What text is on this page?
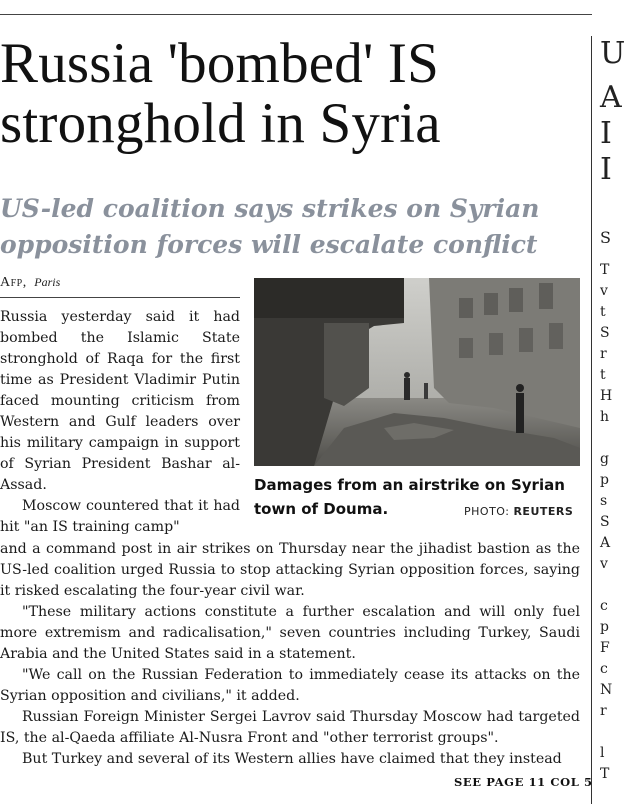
Russia 'bombed' IS
stronghold in Syria
US-led coalition says strikes on Syrian
opposition forces will escalate conflict
Afp, Paris

Russia yesterday said it had bombed the Islamic State stronghold of Raqa for the first time as President Vladimir Putin faced mounting criticism from Western and Gulf leaders over his military campaign in support of Syrian President Bashar al-Assad.

Moscow countered that it had hit "an IS training camp"

Damages from an airstrike on Syrian town of Douma.	PHOTO: REUTERS

and a command post in air strikes on Thursday near the jihadist bastion as the US-led coalition urged Russia to stop attacking Syrian opposition forces, saying it risked escalating the four-year civil war.

"These military actions constitute a further escalation and will only fuel more extremism and radicalisation," seven countries including Turkey, Saudi Arabia and the United States said in a statement.

"We call on the Russian Federation to immediately cease its attacks on the Syrian opposition and civilians," it added.

Russian Foreign Minister Sergei Lavrov said Thursday Moscow had targeted IS, the al-Qaeda affiliate Al-Nusra Front and "other terrorist groups".

But Turkey and several of its Western allies have claimed that they instead

SEE PAGE 11 COL 5
U
A
I
I
S
T
v
t
S
r
t
H
h
g
p
s
S
A
v
c
p
F
c
N
r
l
T
